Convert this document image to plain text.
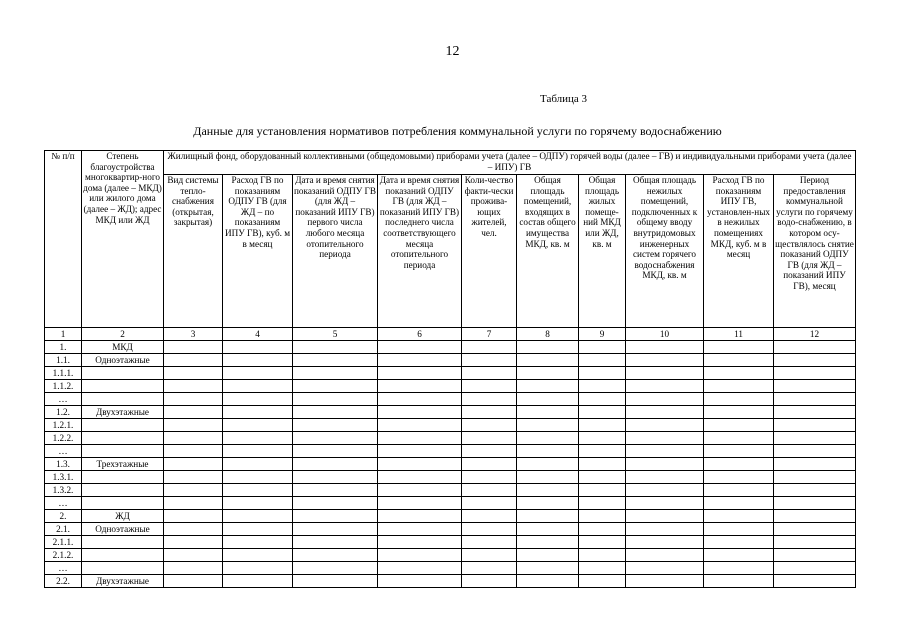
12
Таблица 3
Данные для установления нормативов потребления коммунальной услуги по горячему водоснабжению
№ п/п	Степень благоустройства многоквартир-ного дома (далее – МКД) или жилого дома (далее – ЖД); адрес МКД или ЖД	Жилищный фонд, оборудованный коллективными (общедомовыми) приборами учета (далее – ОДПУ) горячей воды (далее – ГВ) и индивидуальными приборами учета (далее – ИПУ) ГВ									
		Вид системы тепло-снабжения (открытая, закрытая)	Расход ГВ по показаниям ОДПУ ГВ (для ЖД – по показаниям ИПУ ГВ), куб. м в месяц	Дата и время снятия показаний ОДПУ ГВ (для ЖД – показаний ИПУ ГВ) первого числа любого месяца отопительного периода	Дата и время снятия показаний ОДПУ ГВ (для ЖД – показаний ИПУ ГВ) последнего числа соответствующего месяца отопительного периода	Коли-чество факти-чески прожива-ющих жителей, чел.	Общая площадь помещений, входящих в состав общего имущества МКД, кв. м	Общая площадь жилых помеще-ний МКД или ЖД, кв. м	Общая площадь нежилых помещений, подключенных к общему вводу внутридомовых инженерных систем горячего водоснабжения МКД, кв. м	Расход ГВ по показаниям ИПУ ГВ, установлен-ных в нежилых помещениях МКД, куб. м в месяц	Период предоставления коммунальной услуги по горячему водо-снабжению, в котором осу-ществлялось снятие показаний ОДПУ ГВ (для ЖД – показаний ИПУ ГВ), месяц
1	2	3	4	5	6	7	8	9	10	11	12
1.	МКД										
1.1.	Одноэтажные										
1.1.1.											
1.1.2.											
…											
1.2.	Двухэтажные										
1.2.1.											
1.2.2.											
…											
1.3.	Трехэтажные										
1.3.1.											
1.3.2.											
…											
2.	ЖД										
2.1.	Одноэтажные										
2.1.1.											
2.1.2.											
…											
2.2.	Двухэтажные										
